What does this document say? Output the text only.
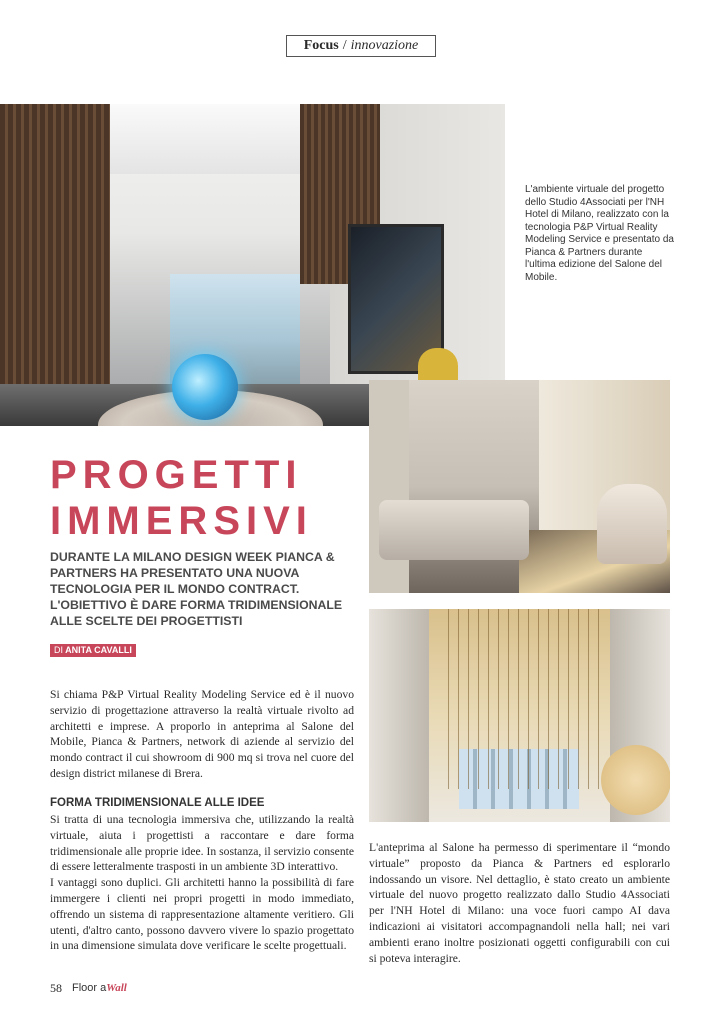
Focus / innovazione
L'ambiente virtuale del progetto dello Studio 4Associati per l'NH Hotel di Milano, realizzato con la tecnologia P&P Virtual Reality Modeling Service e presentato da Pianca & Partners durante l'ultima edizione del Salone del Mobile.
PROGETTI
IMMERSIVI
DURANTE LA MILANO DESIGN WEEK PIANCA & PARTNERS HA PRESENTATO UNA NUOVA TECNOLOGIA PER IL MONDO CONTRACT. L'OBIETTIVO È DARE FORMA TRIDIMENSIONALE ALLE SCELTE DEI PROGETTISTI
DI ANITA CAVALLI
Si chiama P&P Virtual Reality Modeling Service ed è il nuovo servizio di progettazione attraverso la realtà virtuale rivolto ad architetti e imprese. A proporlo in anteprima al Salone del Mobile, Pianca & Partners, network di aziende al servizio del mondo contract il cui showroom di 900 mq si trova nel cuore del design district milanese di Brera.
FORMA TRIDIMENSIONALE ALLE IDEE

Si tratta di una tecnologia immersiva che, utilizzando la realtà virtuale, aiuta i progettisti a raccontare e dare forma tridimensionale alle proprie idee. In sostanza, il servizio consente di essere letteralmente trasposti in un ambiente 3D interattivo.

I vantaggi sono duplici. Gli architetti hanno la possibilità di fare immergere i clienti nei propri progetti in modo immediato, offrendo un sistema di rappresentazione altamente veritiero. Gli utenti, d'altro canto, possono davvero vivere lo spazio progettato in una dimensione simulata dove verificare le scelte progettuali.

L'anteprima al Salone ha permesso di sperimentare il “mondo virtuale” proposto da Pianca & Partners ed esplorarlo indossando un visore. Nel dettaglio, è stato creato un ambiente virtuale del nuovo progetto realizzato dallo Studio 4Associati per l'NH Hotel di Milano: una voce fuori campo AI dava indicazioni ai visitatori accompagnandoli nella hall; nei vari ambienti erano inoltre posizionati oggetti configurabili con cui si poteva interagire.
58 Floor aWall
